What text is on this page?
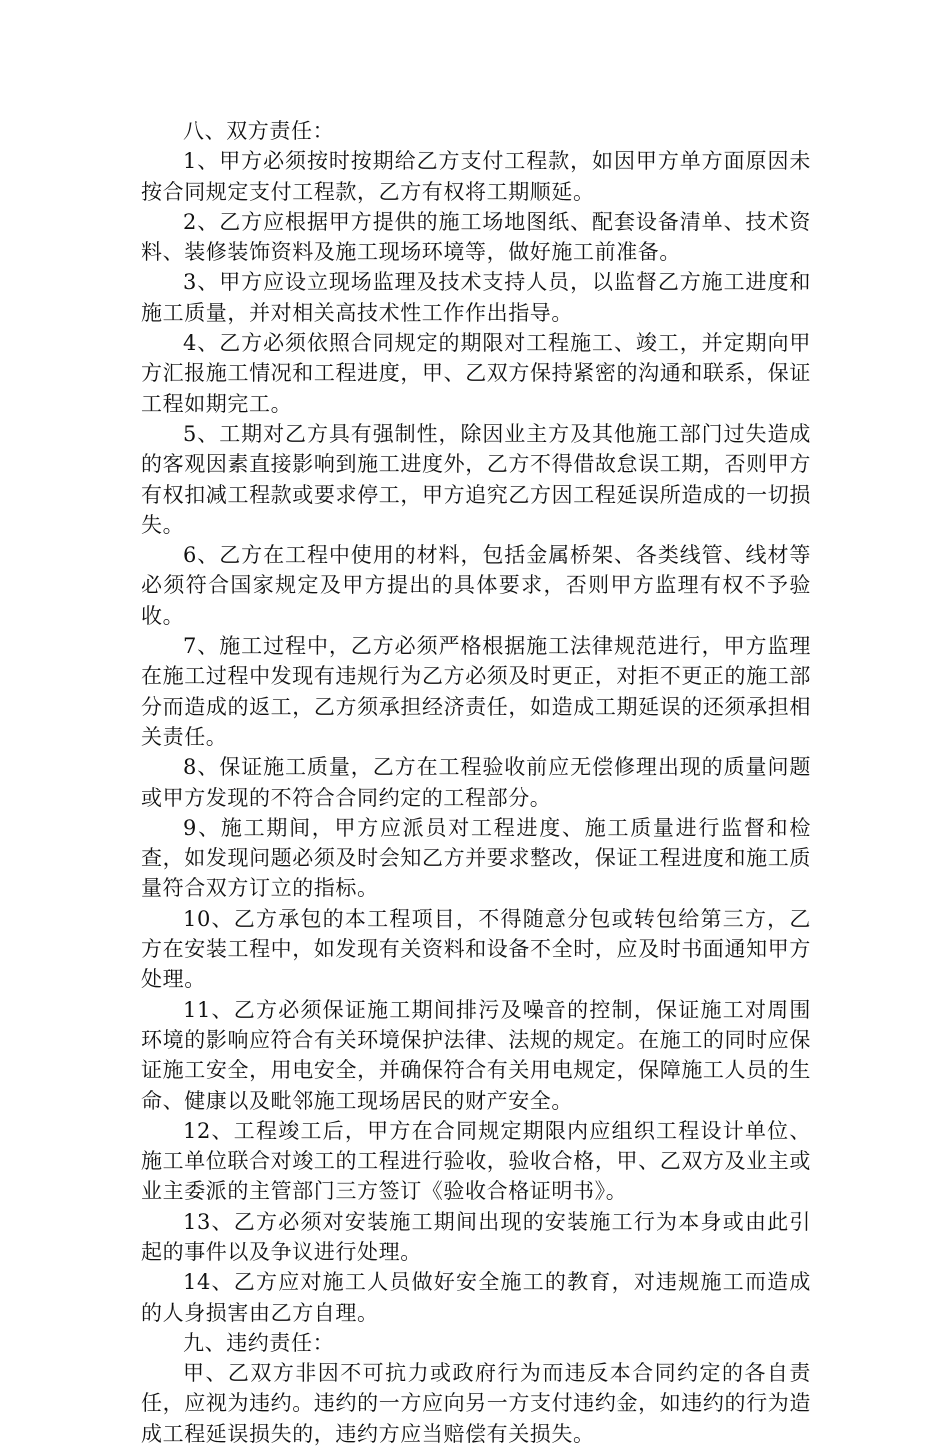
八、双方责任：

1、甲方必须按时按期给乙方支付工程款，如因甲方单方面原因未按合同规定支付工程款，乙方有权将工期顺延。

2、乙方应根据甲方提供的施工场地图纸、配套设备清单、技术资料、装修装饰资料及施工现场环境等，做好施工前准备。

3、甲方应设立现场监理及技术支持人员，以监督乙方施工进度和施工质量，并对相关高技术性工作作出指导。

4、乙方必须依照合同规定的期限对工程施工、竣工，并定期向甲方汇报施工情况和工程进度，甲、乙双方保持紧密的沟通和联系，保证工程如期完工。

5、工期对乙方具有强制性，除因业主方及其他施工部门过失造成的客观因素直接影响到施工进度外，乙方不得借故怠误工期，否则甲方有权扣减工程款或要求停工，甲方追究乙方因工程延误所造成的一切损失。

6、乙方在工程中使用的材料，包括金属桥架、各类线管、线材等必须符合国家规定及甲方提出的具体要求，否则甲方监理有权不予验收。

7、施工过程中，乙方必须严格根据施工法律规范进行，甲方监理在施工过程中发现有违规行为乙方必须及时更正，对拒不更正的施工部分而造成的返工，乙方须承担经济责任，如造成工期延误的还须承担相关责任。

8、保证施工质量，乙方在工程验收前应无偿修理出现的质量问题或甲方发现的不符合合同约定的工程部分。

9、施工期间，甲方应派员对工程进度、施工质量进行监督和检查，如发现问题必须及时会知乙方并要求整改，保证工程进度和施工质量符合双方订立的指标。

10、乙方承包的本工程项目，不得随意分包或转包给第三方，乙方在安装工程中，如发现有关资料和设备不全时，应及时书面通知甲方处理。

11、乙方必须保证施工期间排污及噪音的控制，保证施工对周围环境的影响应符合有关环境保护法律、法规的规定。在施工的同时应保证施工安全，用电安全，并确保符合有关用电规定，保障施工人员的生命、健康以及毗邻施工现场居民的财产安全。

12、工程竣工后，甲方在合同规定期限内应组织工程设计单位、施工单位联合对竣工的工程进行验收，验收合格，甲、乙双方及业主或业主委派的主管部门三方签订《验收合格证明书》。

13、乙方必须对安装施工期间出现的安装施工行为本身或由此引起的事件以及争议进行处理。

14、乙方应对施工人员做好安全施工的教育，对违规施工而造成的人身损害由乙方自理。

九、违约责任：

甲、乙双方非因不可抗力或政府行为而违反本合同约定的各自责任，应视为违约。违约的一方应向另一方支付违约金，如违约的行为造成工程延误损失的，违约方应当赔偿有关损失。
